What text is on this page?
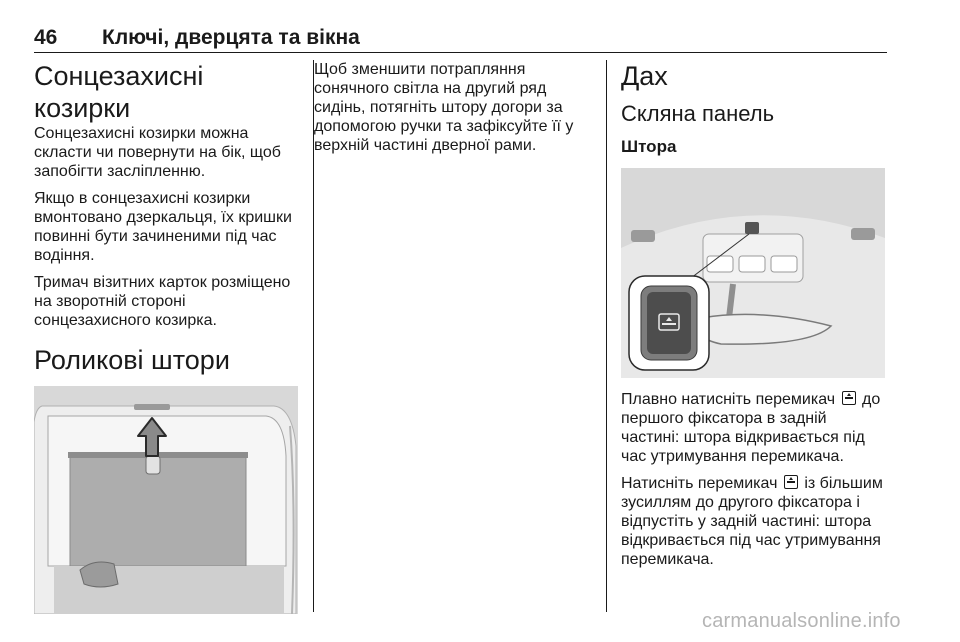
46 Ключі, дверцята та вікна
Сонцезахисні козирки

Сонцезахисні козирки можна скласти чи повернути на бік, щоб запобігти засліпленню.

Якщо в сонцезахисні козирки вмонтовано дзеркальця, їх кришки повинні бути зачиненими під час водіння.

Тримач візитних карток розміщено на зворотній стороні сонцезахисного козирка.

Роликові штори

Щоб зменшити потрапляння сонячного світла на другий ряд сидінь, потягніть штору догори за допомогою ручки та зафіксуйте її у верхній частині дверної рами.

Дах
Скляна панель
Штора

Плавно натисніть перемикач до першого фіксатора в задній частині: штора відкривається під час утримування перемикача.

Натисніть перемикач із більшим зусиллям до другого фіксатора і відпустіть у задній частині: штора відкривається під час утримування перемикача.

carmanualsonline.info
